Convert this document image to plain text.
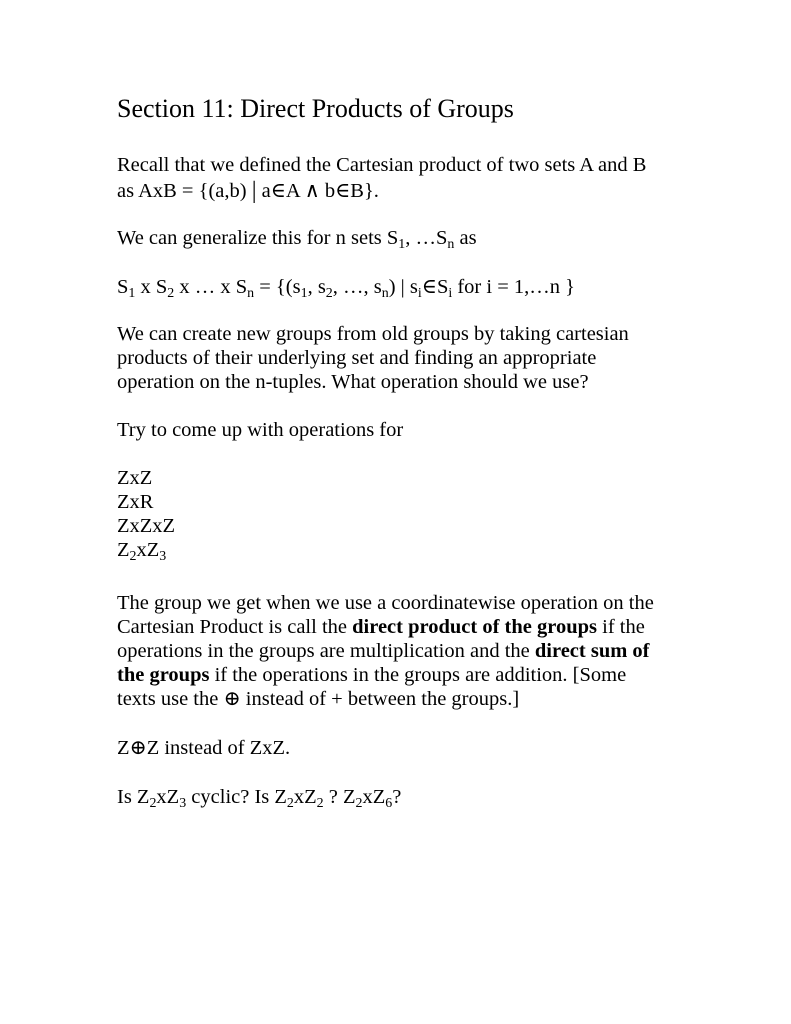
Section 11: Direct Products of Groups
Recall that we defined the Cartesian product of two sets A and B
as AxB = {(a,b) | a∈A ∧ b∈B}.
We can generalize this for n sets $S_1$, $\dots S_n$ as
$S_1$ x $S_2$ x … x $S_n = \{(s_1$, $s_2$, …, $s_n$) | $s_i\in S_i$ for i = 1,…n }
We can create new groups from old groups by taking cartesian
products of their underlying set and finding an appropriate
operation on the n-tuples. What operation should we use?
Try to come up with operations for
ZxZ
ZxR
ZxZxZ
$Z_2xZ_3$
The group we get when we use a coordinatewise operation on the
Cartesian Product is call the direct product of the groups if the
operations in the groups are multiplication and the direct sum of
the groups if the operations in the groups are addition. [Some
texts use the ⊕ instead of + between the groups.]
Z⊕Z instead of ZxZ.
Is $Z_2xZ_3$ cyclic? Is $Z_2xZ_2$ ? $Z_2xZ_6$?
